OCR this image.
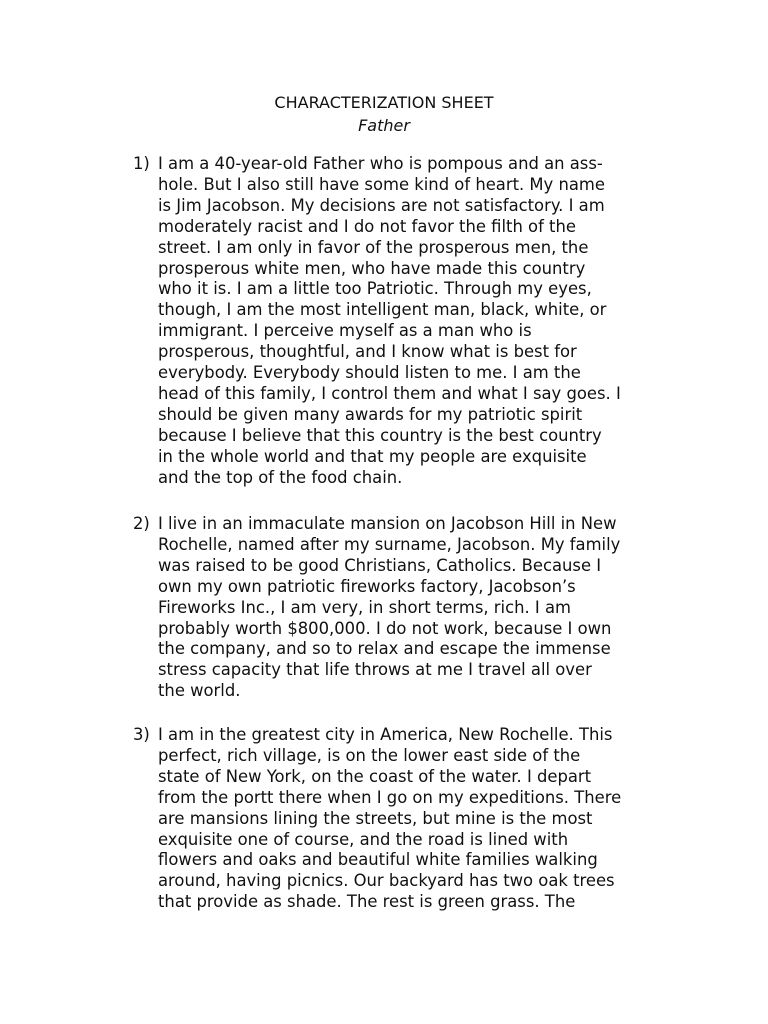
CHARACTERIZATION SHEET

Father

1) I am a 40-year-old Father who is pompous and an ass-
hole. But I also still have some kind of heart. My name
is Jim Jacobson. My decisions are not satisfactory. I am
moderately racist and I do not favor the filth of the
street. I am only in favor of the prosperous men, the
prosperous white men, who have made this country
who it is. I am a little too Patriotic. Through my eyes,
though, I am the most intelligent man, black, white, or
immigrant. I perceive myself as a man who is
prosperous, thoughtful, and I know what is best for
everybody. Everybody should listen to me. I am the
head of this family, I control them and what I say goes. I
should be given many awards for my patriotic spirit
because I believe that this country is the best country
in the whole world and that my people are exquisite
and the top of the food chain.
2) I live in an immaculate mansion on Jacobson Hill in New
Rochelle, named after my surname, Jacobson. My family
was raised to be good Christians, Catholics. Because I
own my own patriotic fireworks factory, Jacobson’s
Fireworks Inc., I am very, in short terms, rich. I am
probably worth $800,000. I do not work, because I own
the company, and so to relax and escape the immense
stress capacity that life throws at me I travel all over
the world.
3) I am in the greatest city in America, New Rochelle. This
perfect, rich village, is on the lower east side of the
state of New York, on the coast of the water. I depart
from the portt there when I go on my expeditions. There
are mansions lining the streets, but mine is the most
exquisite one of course, and the road is lined with
flowers and oaks and beautiful white families walking
around, having picnics. Our backyard has two oak trees
that provide as shade. The rest is green grass. The
